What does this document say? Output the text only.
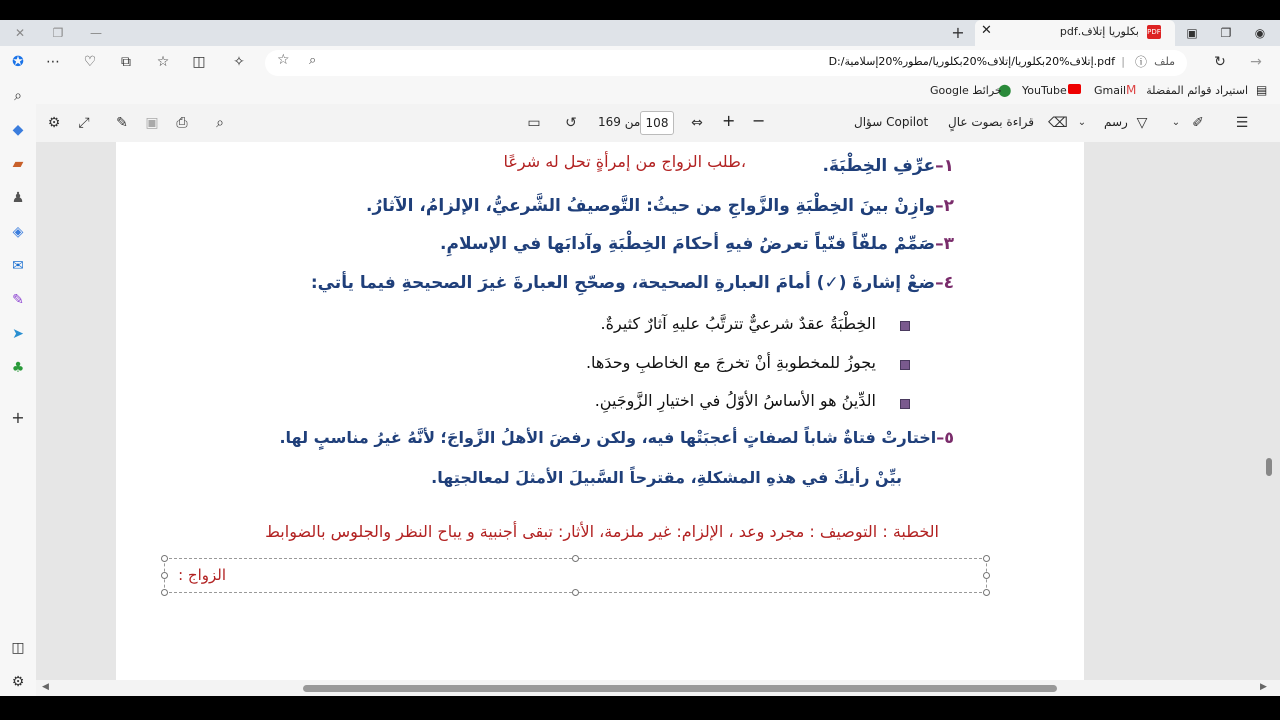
◉
❐
▣
PDF
بكلوريا إتلاف.pdf
✕
+
✕	❐	—
→
↻
ملف
ⓘ
|
D:/إتلاف%20بكلوريا/إتلاف%20بكلوريا/مطور%20إسلامية.pdf
⌕
☆
✧
◫
☆
⧉
♡
⋯
✪
▤
استيراد قوائم المفضلة
M
Gmail
YouTube
⬤
خرائط Google
⌕
◆
▰
♟
◈
✉
✎
➤
♣
+
◫
⚙
☰
✐
⌄
▽
رسم
⌄
⌫
قراءة بصوت عالٍ
سؤال Copilot
−
+
⇔
108
من 169
↺
▭
⌕
⎙
▣
✎
⤢
⚙
١–عرِّفِ الخِطْبَةَ.
،طلب الزواج من إمرأةٍ تحل له شرعًا
٢–وازِنْ بينَ الخِطْبَةِ والزَّواجِ من حيثُ: التَّوصيفُ الشَّرعيُّ، الإلزامُ، الآثارُ.
٣–صَمِّمْ ملفّاً فنّياً تعرضُ فيهِ أحكامَ الخِطْبَةِ وآدابَها في الإسلامِ.
٤–ضعْ إشارةَ (✓) أمامَ العبارةِ الصحيحة، وصحّحِ العبارةَ غيرَ الصحيحةِ فيما يأتي:
الخِطْبَةُ عقدٌ شرعيٌّ تترتَّبُ عليهِ آثارٌ كثيرةٌ.
يجوزُ للمخطوبةِ أنْ تخرجَ مع الخاطبِ وحدَها.
الدِّينُ هو الأساسُ الأوّلُ في اختيارِ الزَّوجَينِ.
٥–اختارتْ فتاةٌ شاباً لصفاتٍ أعجبَتْها فيه، ولكن رفضَ الأهلُ الزَّواجَ؛ لأنَّهُ غيرُ مناسبٍ لها.
بيِّنْ رأيكَ في هذهِ المشكلةِ، مقترحاً السَّبيلَ الأمثلَ لمعالجتِها.
الخطبة : التوصيف : مجرد وعد ، الإلزام: غير ملزمة، الأثار: تبقى أجنبية و يباح النظر والجلوس بالضوابط
الزواج :
◀	▶
